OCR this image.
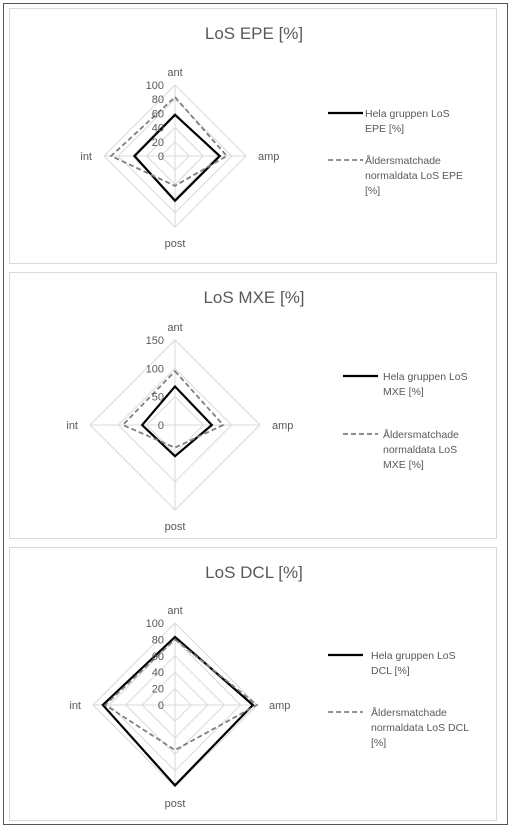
LoS EPE [%]
0
20
40
60
80
100
ant
amp
post
int
Hela gruppen LoS
EPE [%]
Åldersmatchade
normaldata LoS EPE
[%]
LoS MXE [%]
0
50
100
150
ant
amp
post
int
Hela gruppen LoS
MXE [%]
Åldersmatchade
normaldata LoS
MXE [%]
LoS DCL [%]
0
20
40
60
80
100
ant
amp
post
int
Hela gruppen LoS
DCL [%]
Åldersmatchade
normaldata LoS DCL
[%]
